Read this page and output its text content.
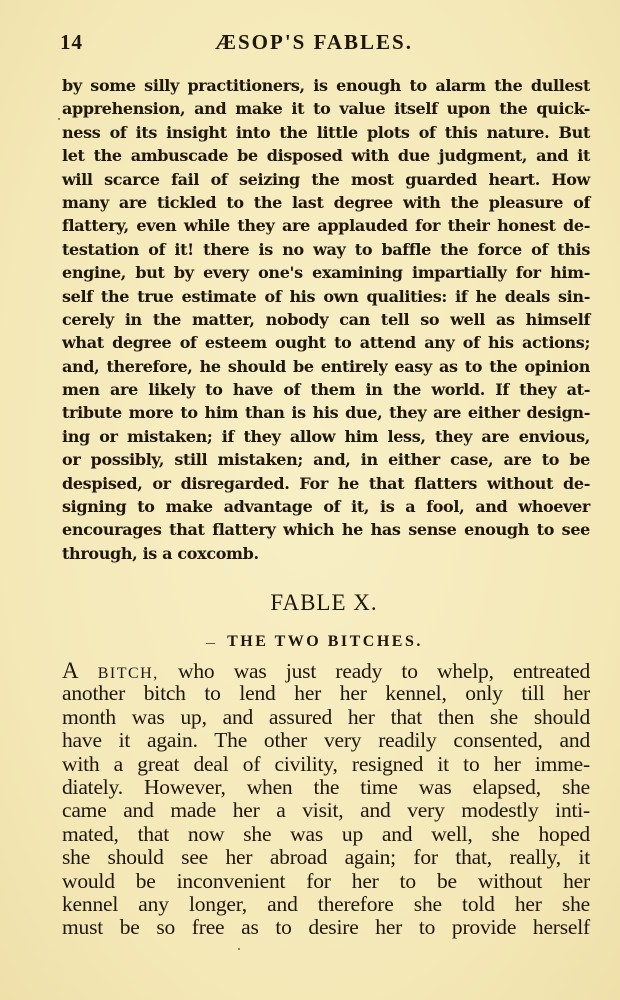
14	ÆSOP'S FABLES.
by some silly practitioners, is enough to alarm the dullest
apprehension, and make it to value itself upon the quick-
ness of its insight into the little plots of this nature. But
let the ambuscade be disposed with due judgment, and it
will scarce fail of seizing the most guarded heart. How
many are tickled to the last degree with the pleasure of
flattery, even while they are applauded for their honest de-
testation of it! there is no way to baffle the force of this
engine, but by every one's examining impartially for him-
self the true estimate of his own qualities: if he deals sin-
cerely in the matter, nobody can tell so well as himself
what degree of esteem ought to attend any of his actions;
and, therefore, he should be entirely easy as to the opinion
men are likely to have of them in the world. If they at-
tribute more to him than is his due, they are either design-
ing or mistaken; if they allow him less, they are envious,
or possibly, still mistaken; and, in either case, are to be
despised, or disregarded. For he that flatters without de-
signing to make advantage of it, is a fool, and whoever
encourages that flattery which he has sense enough to see
through, is a coxcomb.
FABLE X.
THE TWO BITCHES.
A BITCH, who was just ready to whelp, entreated
another bitch to lend her her kennel, only till her
month was up, and assured her that then she should
have it again. The other very readily consented, and
with a great deal of civility, resigned it to her imme-
diately. However, when the time was elapsed, she
came and made her a visit, and very modestly inti-
mated, that now she was up and well, she hoped
she should see her abroad again; for that, really, it
would be inconvenient for her to be without her
kennel any longer, and therefore she told her she
must be so free as to desire her to provide herself
